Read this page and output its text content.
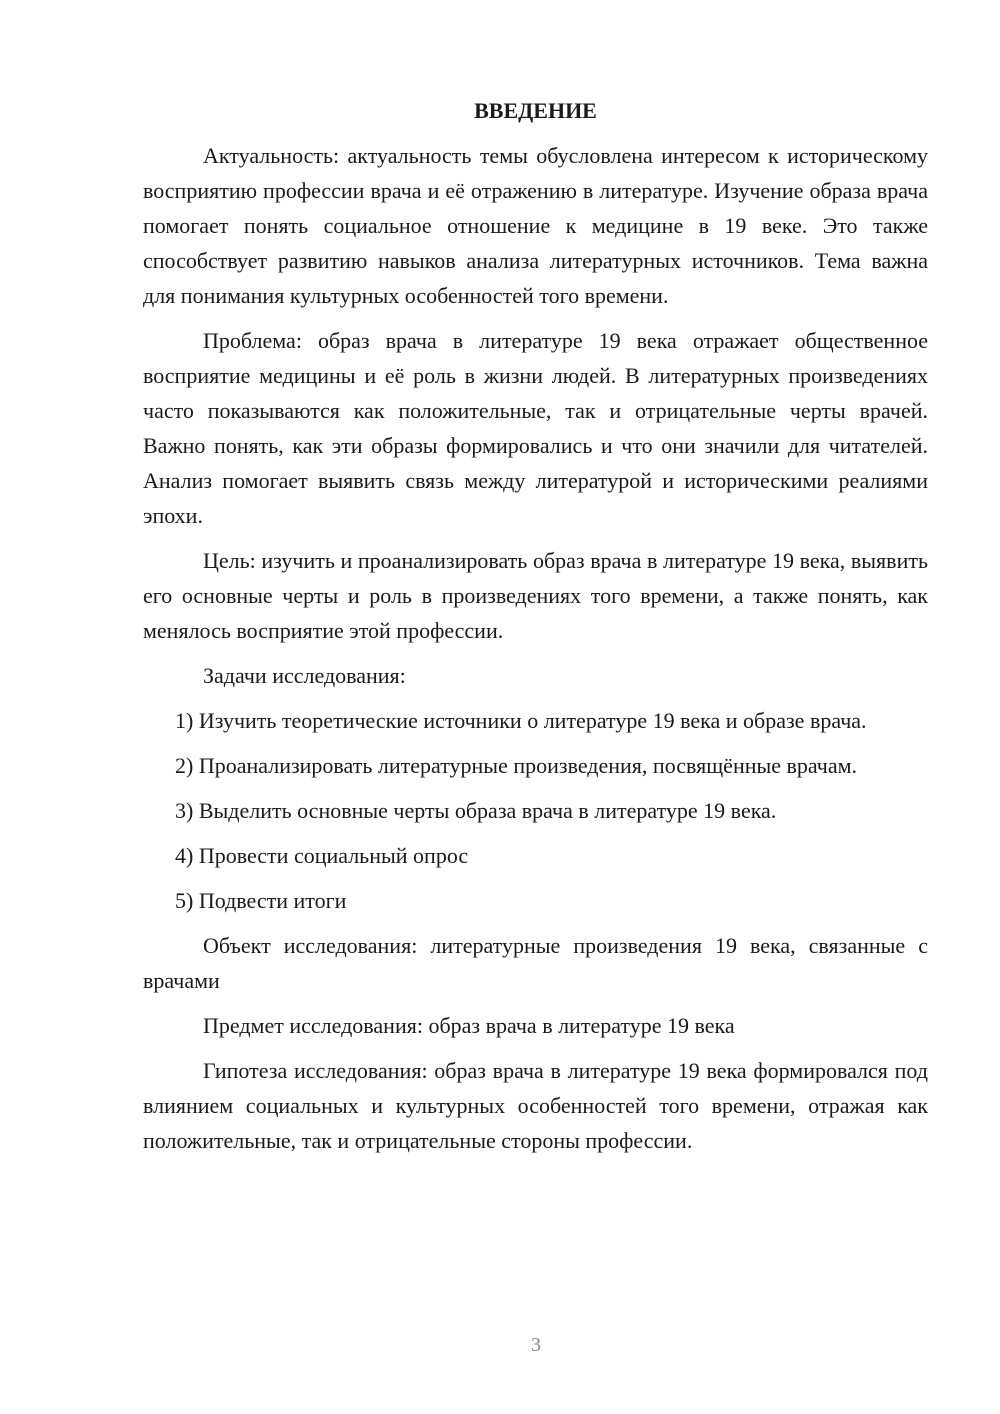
ВВЕДЕНИЕ

Актуальность: актуальность темы обусловлена интересом к историческому восприятию профессии врача и её отражению в литературе. Изучение образа врача помогает понять социальное отношение к медицине в 19 веке. Это также способствует развитию навыков анализа литературных источников. Тема важна для понимания культурных особенностей того времени.

Проблема: образ врача в литературе 19 века отражает общественное восприятие медицины и её роль в жизни людей. В литературных произведениях часто показываются как положительные, так и отрицательные черты врачей. Важно понять, как эти образы формировались и что они значили для читателей. Анализ помогает выявить связь между литературой и историческими реалиями эпохи.

Цель: изучить и проанализировать образ врача в литературе 19 века, выявить его основные черты и роль в произведениях того времени, а также понять, как менялось восприятие этой профессии.

Задачи исследования:

1) Изучить теоретические источники о литературе 19 века и образе врача.

2) Проанализировать литературные произведения, посвящённые врачам.

3) Выделить основные черты образа врача в литературе 19 века.

4) Провести социальный опрос

5) Подвести итоги

Объект исследования: литературные произведения 19 века, связанные с врачами

Предмет исследования: образ врача в литературе 19 века

Гипотеза исследования: образ врача в литературе 19 века формировался под влиянием социальных и культурных особенностей того времени, отражая как положительные, так и отрицательные стороны профессии.

3
